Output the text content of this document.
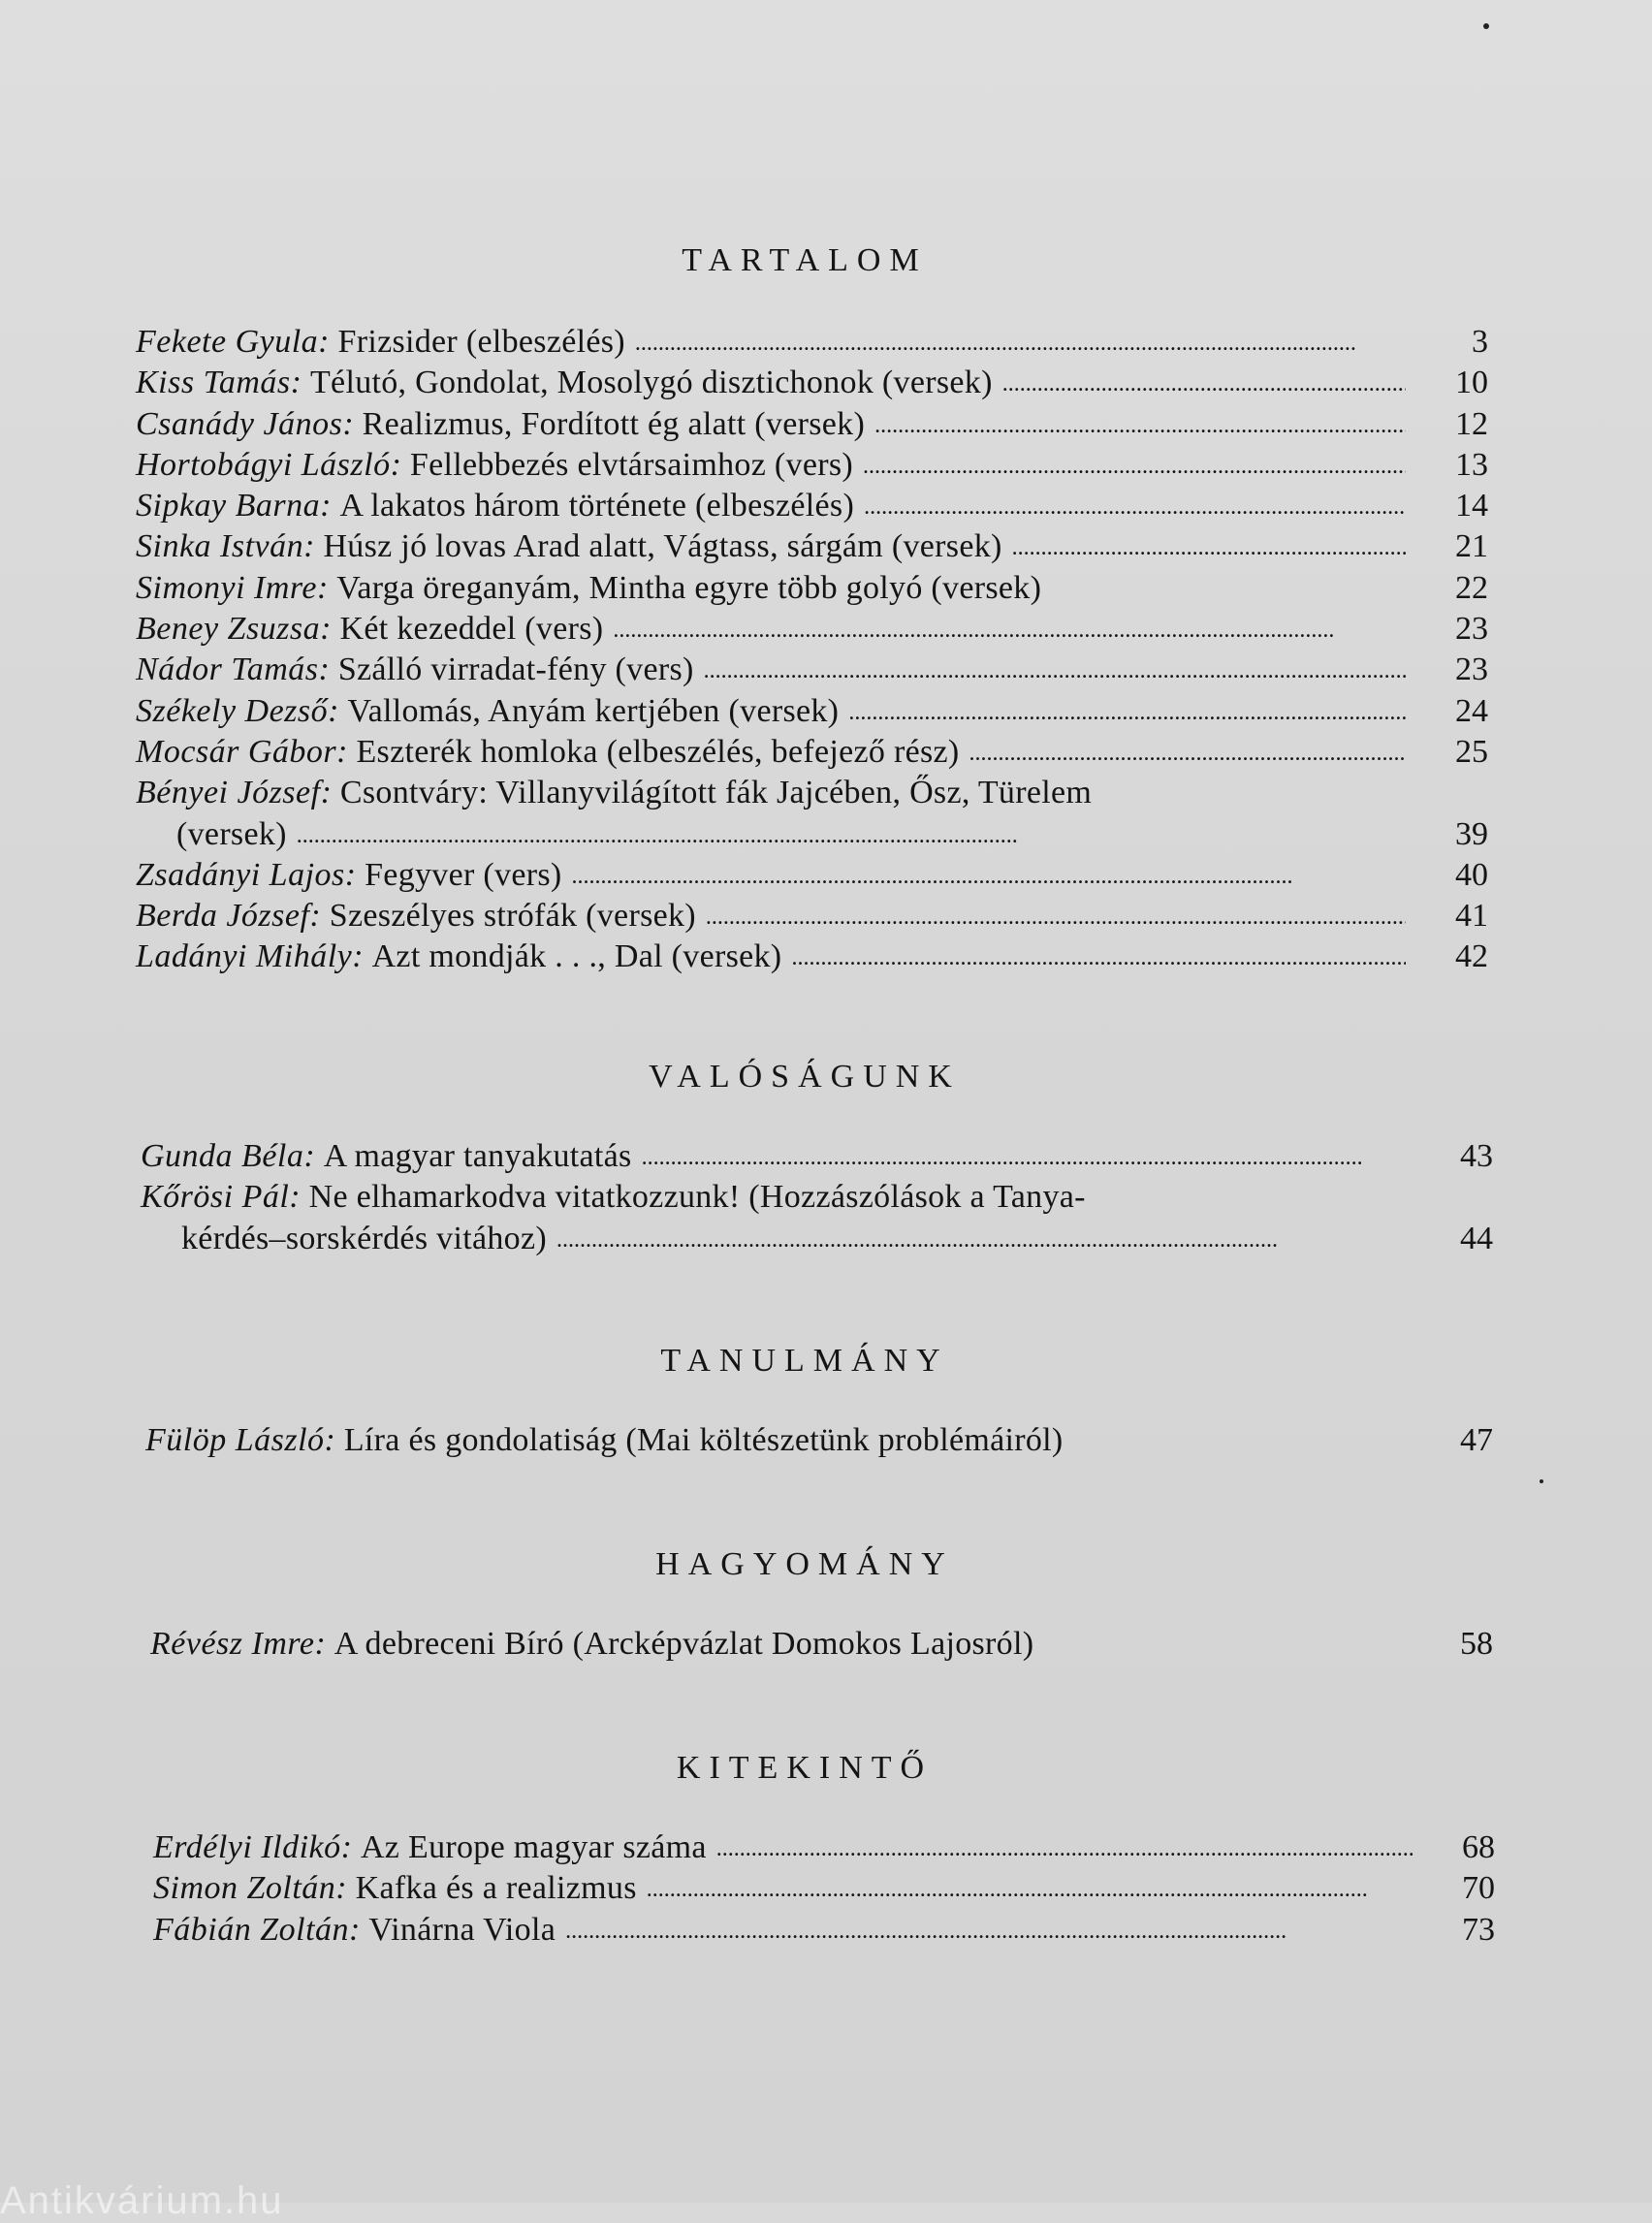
TARTALOM
Fekete Gyula:
Frizsider (elbeszélés) . . .	3
Kiss Tamás:
Télutó, Gondolat, Mosolygó disztichonok (versek) . . .	10
Csanády János:
Realizmus, Fordított ég alatt (versek) . . .	12
Hortobágyi László:
Fellebbezés elvtársaimhoz (vers) . . .	13
Sipkay Barna:
A lakatos három története (elbeszélés) . . .	14
Sinka István:
Húsz jó lovas Arad alatt, Vágtass, sárgám (versek) . . .	21
Simonyi Imre:
Varga öreganyám, Mintha egyre több golyó (versek)	22
Beney Zsuzsa:
Két kezeddel (vers) . . .	23
Nádor Tamás:
Szálló virradat-fény (vers) . . .	23
Székely Dezső:
Vallomás, Anyám kertjében (versek) . . .	24
Mocsár Gábor:
Eszterék homloka (elbeszélés, befejező rész) . . .	25
Bényei József:
Csontváry: Villanyvilágított fák Jajcében, Ősz, Türelem
(versek) . . .	39
Zsadányi Lajos:
Fegyver (vers) . . .	40
Berda József:
Szeszélyes strófák (versek) . . .	41
Ladányi Mihály:
Azt mondják . . ., Dal (versek) . . .	42
VALÓSÁGUNK
Gunda Béla:
A magyar tanyakutatás . . .	43
Kőrösi Pál:
Ne elhamarkodva vitatkozzunk! (Hozzászólások a Tanya-
kérdés–sorskérdés vitához) . . .	44
TANULMÁNY
Fülöp László:
Líra és gondolatiság (Mai költészetünk problémáiról)	47
HAGYOMÁNY
Révész Imre:
A debreceni Bíró (Arcképvázlat Domokos Lajosról)	58
KITEKINTŐ
Erdélyi Ildikó:
Az Europe magyar száma . . .	68
Simon Zoltán:
Kafka és a realizmus . . .	70
Fábián Zoltán:
Vinárna Viola . . .	73
Antikvárium.hu
